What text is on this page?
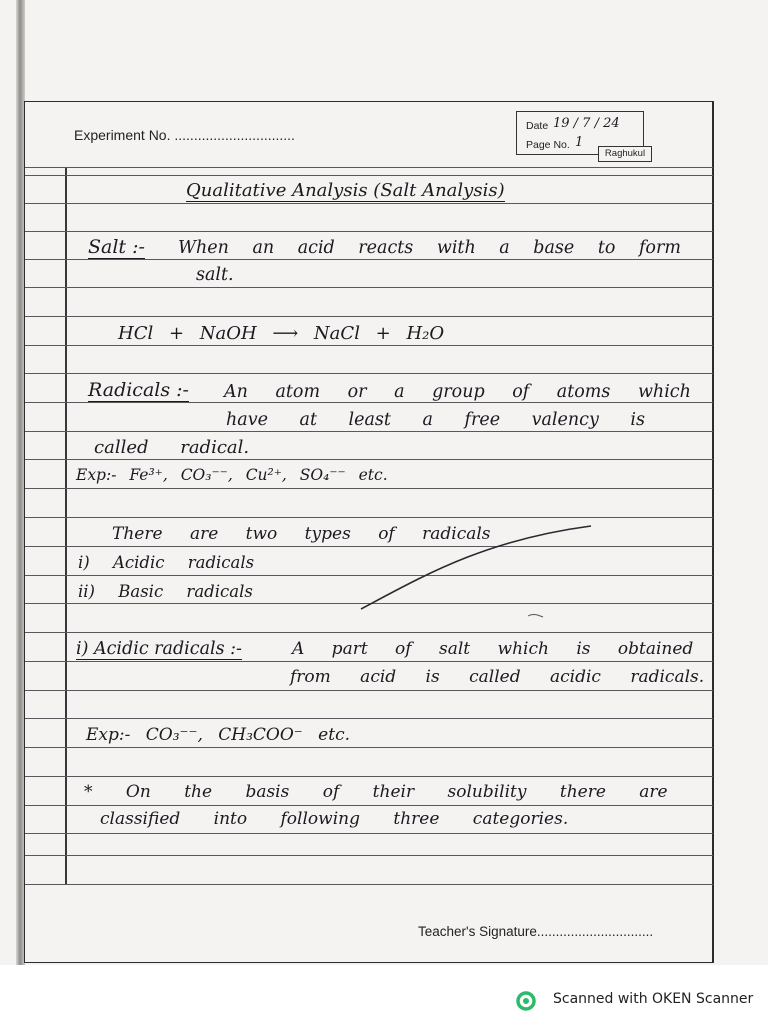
Experiment No. ...............................
Date 19 / 7 / 24
Page No. 1
Raghukul
Qualitative Analysis (Salt Analysis)
Salt :- When an acid reacts with a base to form
salt.
HCl + NaOH ⟶ NaCl + H₂O
Radicals :- An atom or a group of atoms which
have at least a free valency is
called radical.
Exp:- Fe³⁺, CO₃⁻⁻, Cu²⁺, SO₄⁻⁻ etc.
There are two types of radicals
i) Acidic radicals
ii) Basic radicals
i) Acidic radicals :-	A part of salt which is obtained
from acid is called acidic radicals.
Exp:- CO₃⁻⁻, CH₃COO⁻ etc.
* On the basis of their solubility there are
classified into following three categories.
Teacher's Signature...............................
Scanned with OKEN Scanner
